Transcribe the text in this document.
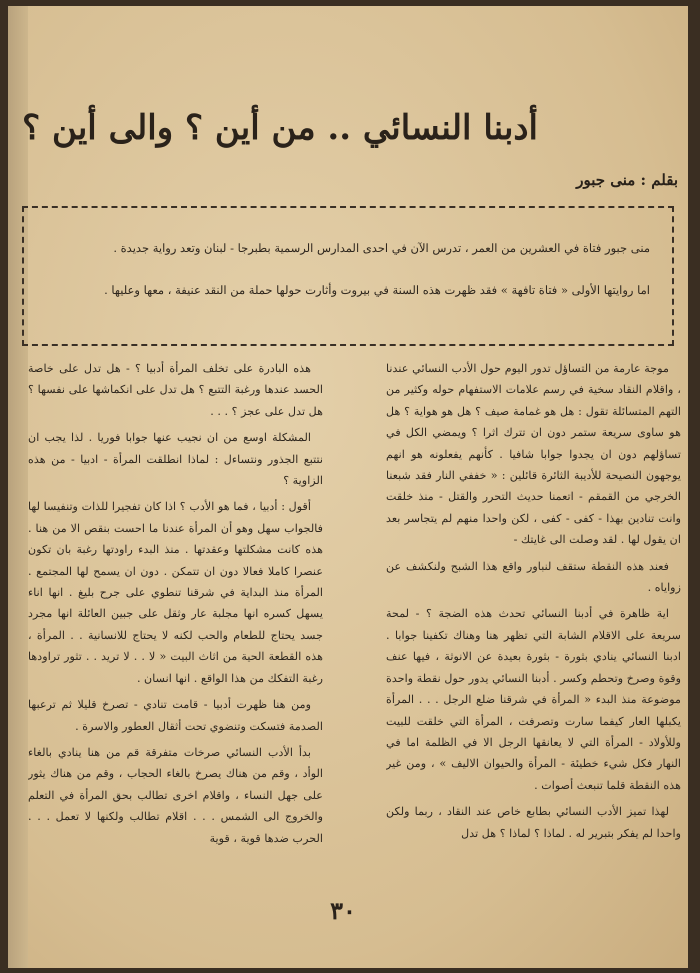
أدبنا النسائي .. من أين ؟ والى أين ؟
بقلم : منى جبور

منى جبور فتاة في العشرين من العمر ، تدرس الآن في احدى المدارس الرسمية بطبرجا - لبنان وتعد رواية جديدة .

اما روايتها الأولى « فتاة تافهة » فقد ظهرت هذه السنة في بيروت وأثارت حولها حملة من النقد عنيفة ، معها وعليها .

موجة عارمة من التساؤل تدور اليوم حول الأدب النسائي عندنا ، واقلام النقاد سخية في رسم علامات الاستفهام حوله وكثير من التهم المتسائلة تقول : هل هو غمامة صيف ؟ هل هو هواية ؟ هل هو ساوى سريعة ستمر دون ان تترك اثرا ؟ ويمضي الكل في تساؤلهم دون ان يجدوا جوابا شافيا . كأنهم يفعلونه هو انهم يوجهون النصيحة للأديبة الثائرة قائلين : « خففي النار فقد شبعنا الخرجي من القمقم - اتعمنا حديث التحرر والقتل - منذ خلقت وانت تنادين بهذا - كفى - كفى ، لكن واحدا منهم لم يتجاسر بعد ان يقول لها . لقد وصلت الى غايتك -

فعند هذه النقطة ستقف لنباور واقع هذا الشبح ولنكشف عن زواياه .

اية ظاهرة في أدبنا النسائي تحدث هذه الضجة ؟ - لمحة سريعة على الاقلام الشابة التي تظهر هنا وهناك تكفينا جوابا . ادبنا النسائي ينادي بثورة - بثورة بعيدة عن الانوثة ، فيها عنف وقوة وصرخ وتحطم وكسر . أدبنا النسائي يدور حول نقطة واحدة موضوعة منذ البدء « المرأة في شرقنا ضلع الرجل . . . المرأة يكبلها العار كيفما سارت وتصرفت ، المرأة التي خلقت للبيت وللأولاد - المرأة التي لا يعانقها الرجل الا في الظلمة اما في النهار فكل شيء خطيئة - المرأة والحيوان الاليف » ، ومن غير هذه النقطة قلما تنبعث أصوات .

لهذا تميز الأدب النسائي بطابع خاص عند النقاد ، ربما ولكن واحدا لم يفكر بتبرير له . لماذا ؟ لماذا ؟ هل تدل

هذه البادرة على تخلف المرأة أدبيا ؟ - هل تدل على خاصة الحسد عندها ورغبة التتبع ؟ هل تدل على انكماشها على نفسها ؟ هل تدل على عجز ؟ . . .

المشكلة اوسع من ان نجيب عنها جوابا فوريا . لذا يجب ان نتتبع الجذور ونتساءل : لماذا انطلقت المرأة - ادبيا - من هذه الزاوية ؟

أقول : أدبيا ، فما هو الأدب ؟ اذا كان تفجيرا للذات وتنفيسا لها فالجواب سهل وهو أن المرأة عندنا ما احست بنقص الا من هنا . هذه كانت مشكلتها وعقدتها . منذ البدء راودتها رغبة بان تكون عنصرا كاملا فعالا دون ان تتمكن . دون ان يسمح لها المجتمع . المرأة منذ البداية في شرقنا تنطوي على جرح بليغ . انها اناء يسهل كسره انها مجلبة عار وثقل على جبين العائلة انها مجرد جسد يحتاج للطعام والحب لكنه لا يحتاج للانسانية . . المرأة ، هذه القطعة الحية من اثاث البيت « لا . . لا تريد . . تثور تراودها رغبة التفكك من هذا الواقع . انها انسان .

ومن هنا ظهرت أدبيا - قامت تنادي - تصرخ قليلا ثم ترعبها الصدمة فتسكت وتنضوي تحت أثقال العطور والاسرة .

بدأ الأدب النسائي صرخات متفرقة قم من هنا ينادي بالغاء الوأد ، وقم من هناك يصرخ بالغاء الحجاب ، وقم من هناك يثور على جهل النساء ، واقلام اخرى تطالب بحق المرأة في التعلم والخروج الى الشمس . . . اقلام تطالب ولكنها لا تعمل . . . الحرب ضدها قوية ، قوية

٣٠
